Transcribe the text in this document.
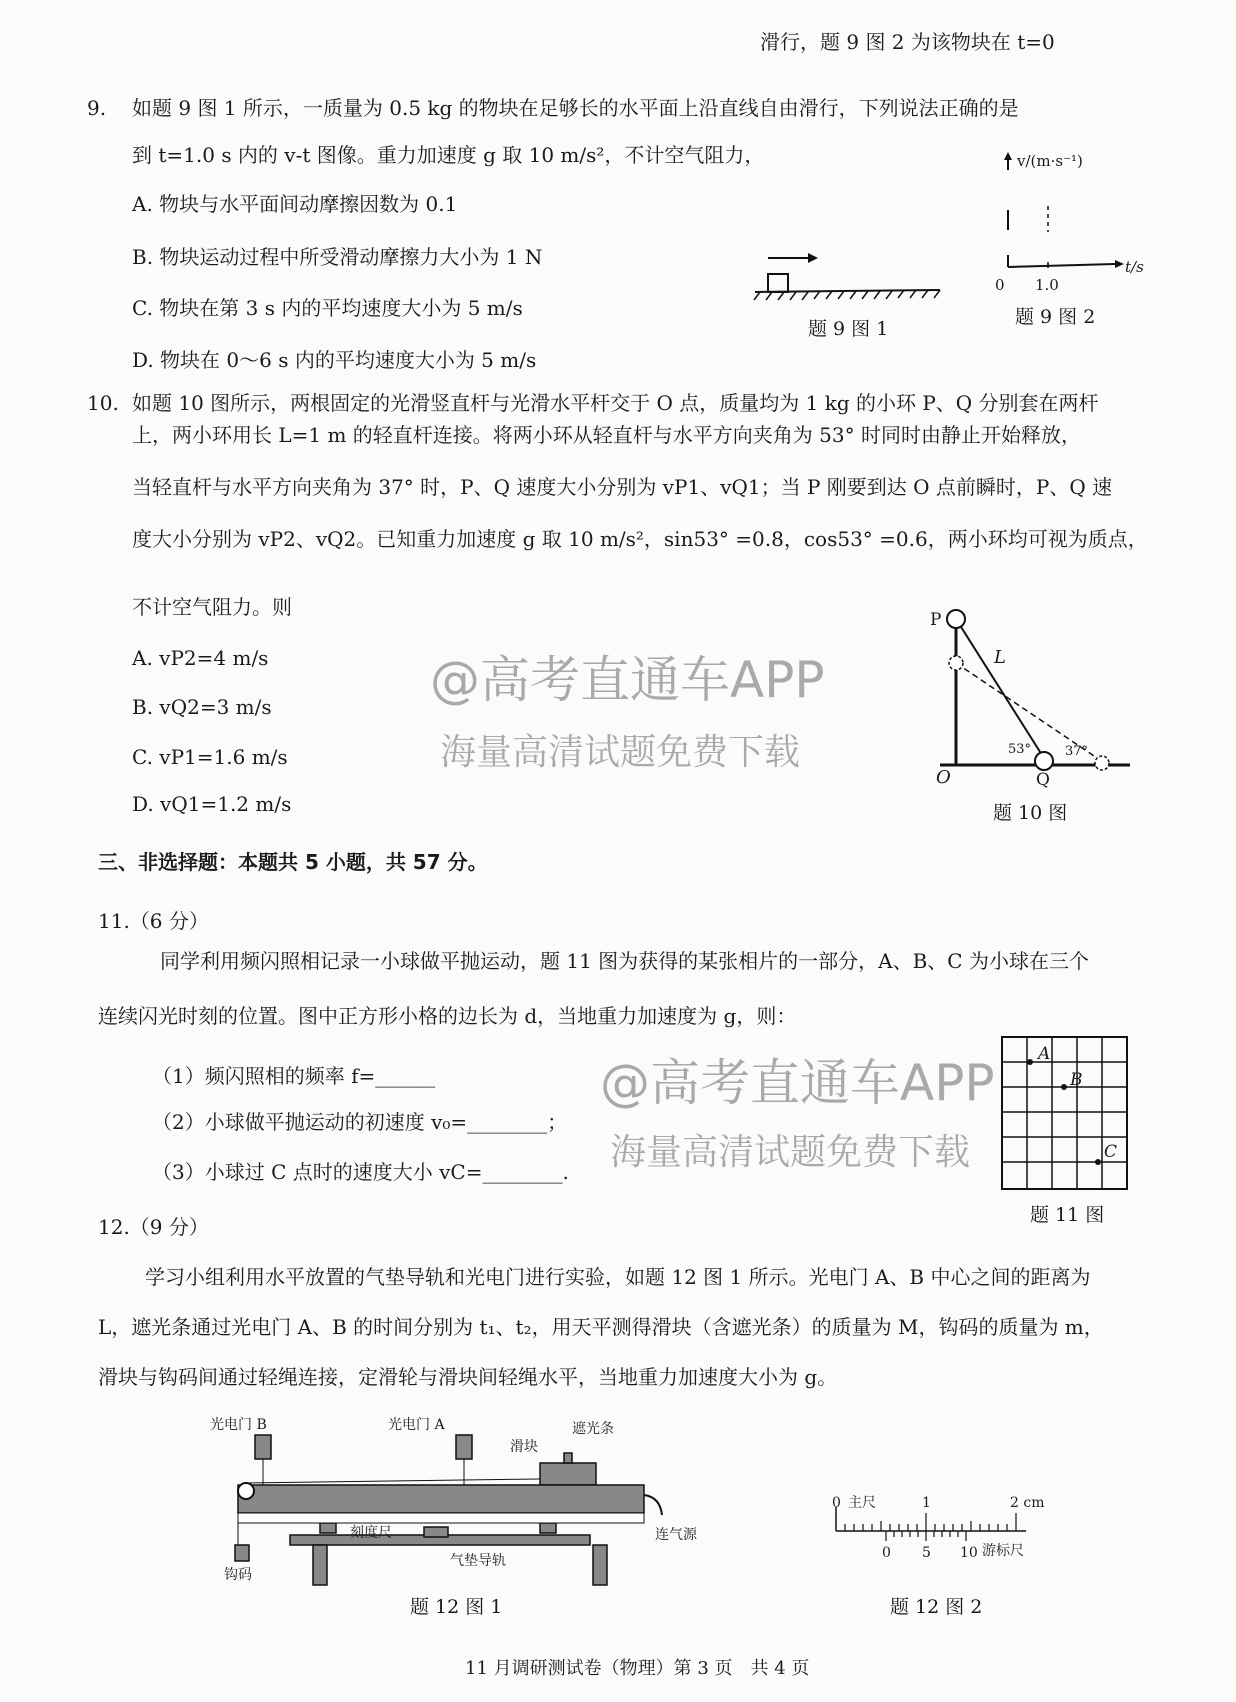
滑行，题 9 图 2 为该物块在 t=0
9. 如题 9 图 1 所示，一质量为 0.5 kg 的物块在足够长的水平面上沿直线自由滑行，下列说法正确的是
到 t=1.0 s 内的 v-t 图像。重力加速度 g 取 10 m/s²，不计空气阻力，
A. 物块与水平面间动摩擦因数为 0.1
B. 物块运动过程中所受滑动摩擦力大小为 1 N
C. 物块在第 3 s 内的平均速度大小为 5 m/s
D. 物块在 0～6 s 内的平均速度大小为 5 m/s
题 9 图 1
v/(m·s⁻¹)
t/s
0 1.0
题 9 图 2
10. 如题 10 图所示，两根固定的光滑竖直杆与光滑水平杆交于 O 点，质量均为 1 kg 的小环 P、Q 分别套在两杆
上，两小环用长 L=1 m 的轻直杆连接。将两小环从轻直杆与水平方向夹角为 53° 时同时由静止开始释放，
当轻直杆与水平方向夹角为 37° 时，P、Q 速度大小分别为 vP1、vQ1；当 P 刚要到达 O 点前瞬时，P、Q 速
度大小分别为 vP2、vQ2。已知重力加速度 g 取 10 m/s²，sin53° =0.8，cos53° =0.6，两小环均可视为质点，
不计空气阻力。则
A. vP2=4 m/s
B. vQ2=3 m/s
C. vP1=1.6 m/s
D. vQ1=1.2 m/s
P
Q
O
L
53°	37°
题 10 图
三、非选择题：本题共 5 小题，共 57 分。
11.（6 分）
同学利用频闪照相记录一小球做平抛运动，题 11 图为获得的某张相片的一部分，A、B、C 为小球在三个
连续闪光时刻的位置。图中正方形小格的边长为 d，当地重力加速度为 g，则：
（1）频闪照相的频率 f=______
（2）小球做平抛运动的初速度 v₀=________；
（3）小球过 C 点时的速度大小 vC=________.
A
B
C
题 11 图
12.（9 分）
学习小组利用水平放置的气垫导轨和光电门进行实验，如题 12 图 1 所示。光电门 A、B 中心之间的距离为
L，遮光条通过光电门 A、B 的时间分别为 t₁、t₂，用天平测得滑块（含遮光条）的质量为 M，钩码的质量为 m，
滑块与钩码间通过轻绳连接，定滑轮与滑块间轻绳水平，当地重力加速度大小为 g。
光电门 B	光电门 A
滑块
遮光条
刻度尺	连气源
气垫导轨
钩码
题 12 图 1
0 主尺	1	2 cm
0 5 10 游标尺
题 12 图 2
11 月调研测试卷（物理）第 3 页　共 4 页
@高考直通车APP
海量高清试题免费下载
@高考直通车APP
海量高清试题免费下载
